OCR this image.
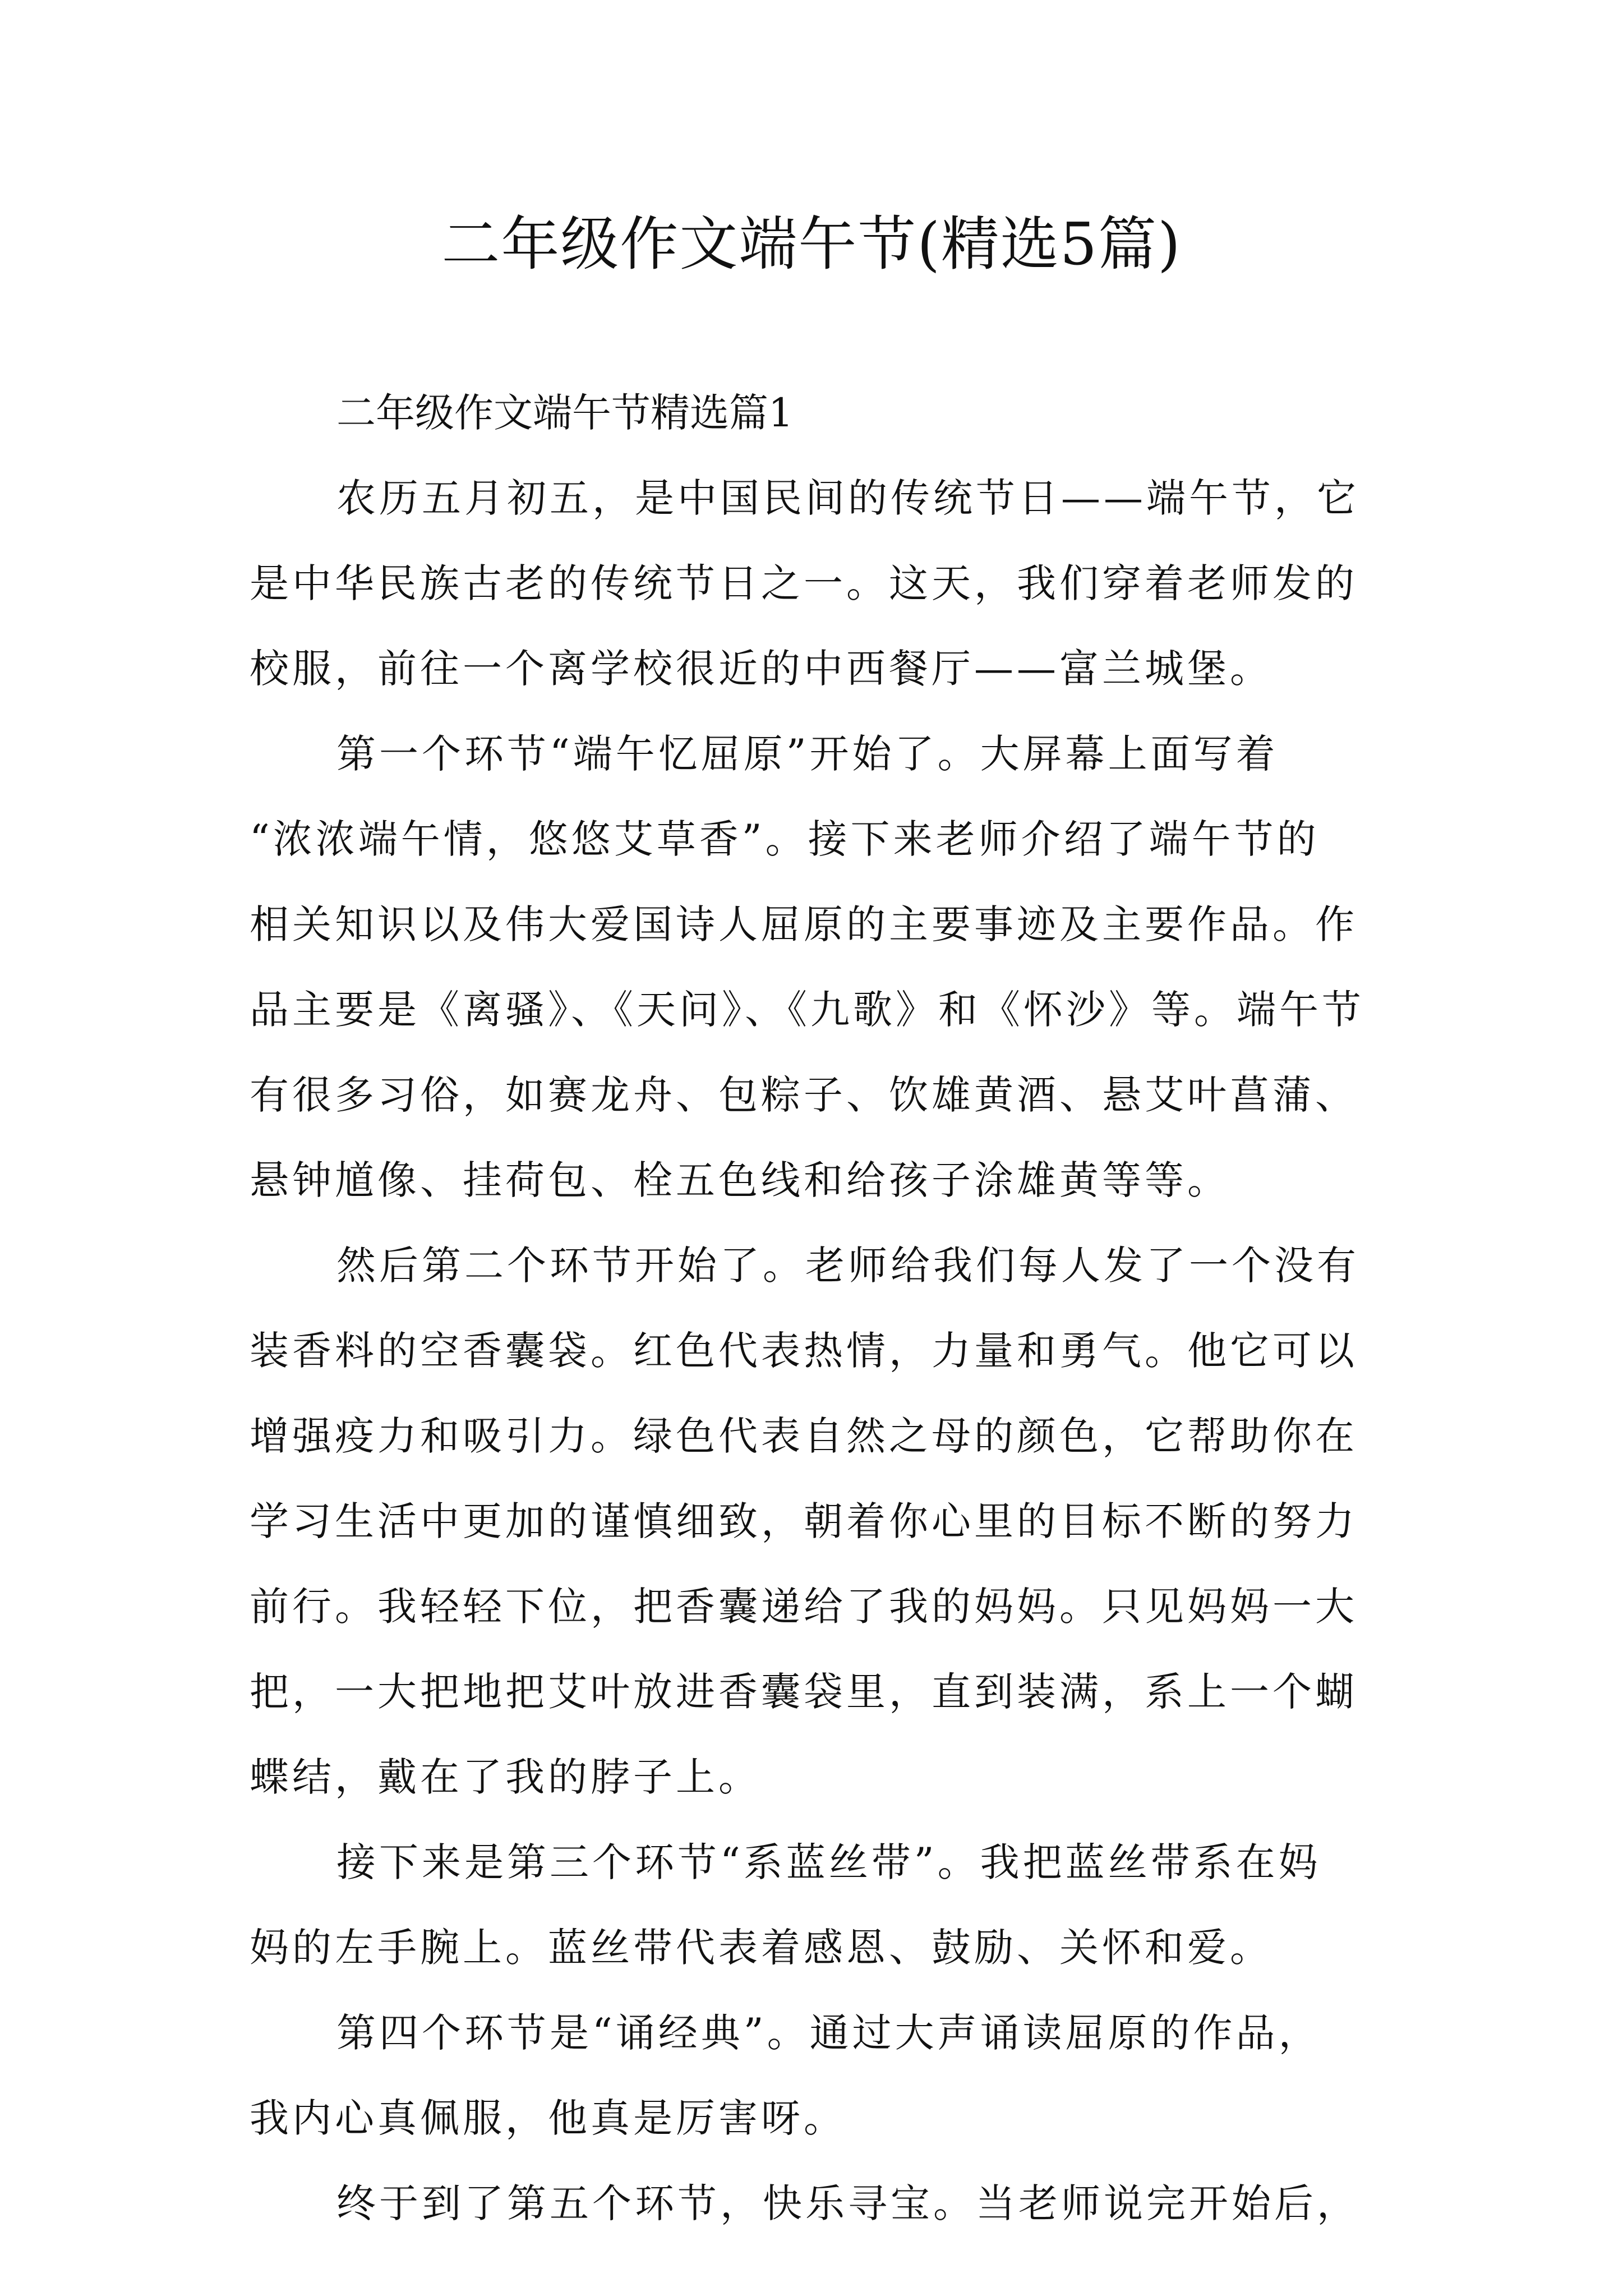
二年级作文端午节(精选5篇)
二年级作文端午节精选篇1

农历五月初五，是中国民间的传统节日——端午节，它
是中华民族古老的传统节日之一。这天，我们穿着老师发的
校服，前往一个离学校很近的中西餐厅——富兰城堡。

第一个环节“端午忆屈原”开始了。大屏幕上面写着
“浓浓端午情，悠悠艾草香”。接下来老师介绍了端午节的
相关知识以及伟大爱国诗人屈原的主要事迹及主要作品。作
品主要是《离骚》、《天问》、《九歌》和《怀沙》等。端午节
有很多习俗，如赛龙舟、包粽子、饮雄黄酒、悬艾叶菖蒲、
悬钟馗像、挂荷包、栓五色线和给孩子涂雄黄等等。

然后第二个环节开始了。老师给我们每人发了一个没有
装香料的空香囊袋。红色代表热情，力量和勇气。他它可以
增强疫力和吸引力。绿色代表自然之母的颜色，它帮助你在
学习生活中更加的谨慎细致，朝着你心里的目标不断的努力
前行。我轻轻下位，把香囊递给了我的妈妈。只见妈妈一大
把，一大把地把艾叶放进香囊袋里，直到装满，系上一个蝴
蝶结，戴在了我的脖子上。

接下来是第三个环节“系蓝丝带”。我把蓝丝带系在妈
妈的左手腕上。蓝丝带代表着感恩、鼓励、关怀和爱。

第四个环节是“诵经典”。通过大声诵读屈原的作品，
我内心真佩服，他真是厉害呀。

终于到了第五个环节，快乐寻宝。当老师说完开始后，
